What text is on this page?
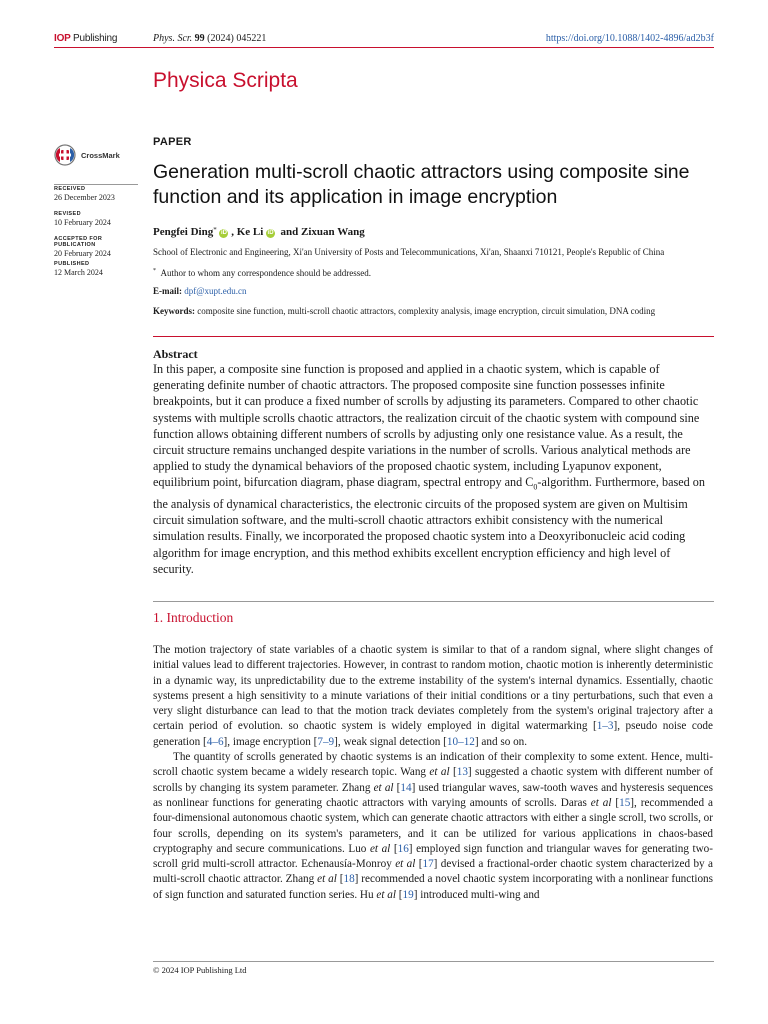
IOP Publishing	Phys. Scr. 99 (2024) 045221	https://doi.org/10.1088/1402-4896/ad2b3f
Physica Scripta
CrossMark
RECEIVED
26 December 2023
REVISED
10 February 2024
ACCEPTED FOR PUBLICATION
20 February 2024
PUBLISHED
12 March 2024
PAPER
Generation multi-scroll chaotic attractors using composite sine function and its application in image encryption
Pengfei Ding* iD , Ke Li iD and Zixuan Wang
School of Electronic and Engineering, Xi'an University of Posts and Telecommunications, Xi'an, Shaanxi 710121, People's Republic of China
* Author to whom any correspondence should be addressed.
E-mail: dpf@xupt.edu.cn
Keywords: composite sine function, multi-scroll chaotic attractors, complexity analysis, image encryption, circuit simulation, DNA coding
Abstract
In this paper, a composite sine function is proposed and applied in a chaotic system, which is capable of generating definite number of chaotic attractors. The proposed composite sine function possesses infinite breakpoints, but it can produce a fixed number of scrolls by adjusting its parameters. Compared to other chaotic systems with multiple scrolls chaotic attractors, the realization circuit of the chaotic system with compound sine function allows obtaining different numbers of scrolls by adjusting only one resistance value. As a result, the circuit structure remains unchanged despite variations in the number of scrolls. Various analytical methods are applied to study the dynamical behaviors of the proposed chaotic system, including Lyapunov exponent, equilibrium point, bifurcation diagram, phase diagram, spectral entropy and $C_0$-algorithm. Furthermore, based on the analysis of dynamical characteristics, the electronic circuits of the proposed system are given on Multisim circuit simulation software, and the multi-scroll chaotic attractors exhibit consistency with the numerical simulation results. Finally, we incorporated the proposed chaotic system into a Deoxyribonucleic acid coding algorithm for image encryption, and this method exhibits excellent encryption efficiency and high level of security.
1. Introduction

The motion trajectory of state variables of a chaotic system is similar to that of a random signal, where slight changes of initial values lead to different trajectories. However, in contrast to random motion, chaotic motion is inherently deterministic in a dynamic way, its unpredictability due to the extreme instability of the system's internal dynamics. Essentially, chaotic systems present a high sensitivity to a minute variations of their initial conditions or a tiny perturbations, such that even a very slight disturbance can lead to that the motion track deviates completely from the system's original trajectory after a certain period of evolution. so chaotic system is widely employed in digital watermarking [1–3], pseudo noise code generation [4–6], image encryption [7–9], weak signal detection [10–12] and so on.

The quantity of scrolls generated by chaotic systems is an indication of their complexity to some extent. Hence, multi-scroll chaotic system became a widely research topic. Wang et al [13] suggested a chaotic system with different number of scrolls by changing its system parameter. Zhang et al [14] used triangular waves, saw-tooth waves and hysteresis sequences as nonlinear functions for generating chaotic attractors with varying amounts of scrolls. Daras et al [15], recommended a four-dimensional autonomous chaotic system, which can generate chaotic attractors with either a single scroll, two scrolls, or four scrolls, depending on its system's parameters, and it can be utilized for various applications in chaos-based cryptography and secure communications. Luo et al [16] employed sign function and triangular waves for generating two-scroll grid multi-scroll attractor. Echenausía-Monroy et al [17] devised a fractional-order chaotic system characterized by a multi-scroll chaotic attractor. Zhang et al [18] recommended a novel chaotic system incorporating with a nonlinear functions of sign function and saturated function series. Hu et al [19] introduced multi-wing and

© 2024 IOP Publishing Ltd
